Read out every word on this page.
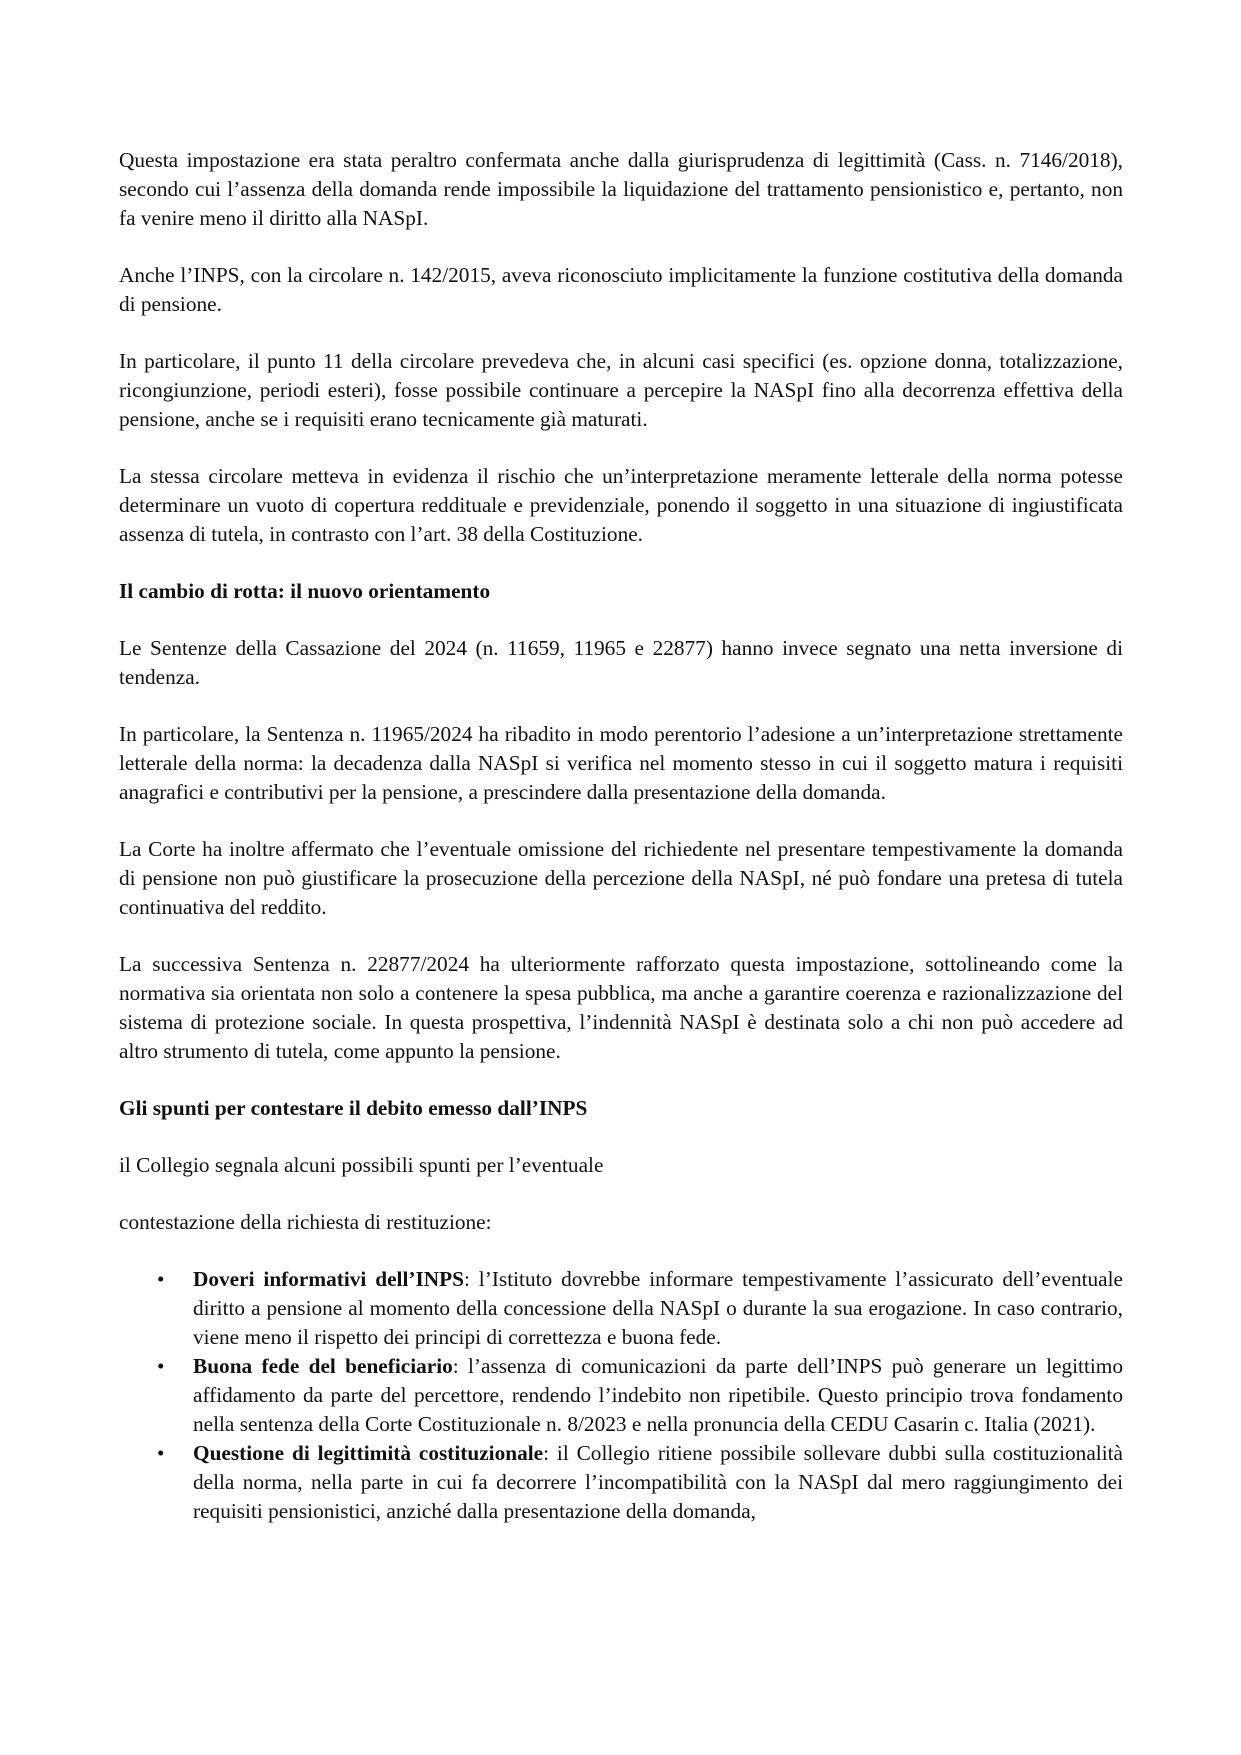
Questa impostazione era stata peraltro confermata anche dalla giurisprudenza di legittimità (Cass. n. 7146/2018), secondo cui l’assenza della domanda rende impossibile la liquidazione del trattamento pensionistico e, pertanto, non fa venire meno il diritto alla NASpI.

Anche l’INPS, con la circolare n. 142/2015, aveva riconosciuto implicitamente la funzione costitutiva della domanda di pensione.

In particolare, il punto 11 della circolare prevedeva che, in alcuni casi specifici (es. opzione donna, totalizzazione, ricongiunzione, periodi esteri), fosse possibile continuare a percepire la NASpI fino alla decorrenza effettiva della pensione, anche se i requisiti erano tecnicamente già maturati.

La stessa circolare metteva in evidenza il rischio che un’interpretazione meramente letterale della norma potesse determinare un vuoto di copertura reddituale e previdenziale, ponendo il soggetto in una situazione di ingiustificata assenza di tutela, in contrasto con l’art. 38 della Costituzione.

Il cambio di rotta: il nuovo orientamento

Le Sentenze della Cassazione del 2024 (n. 11659, 11965 e 22877) hanno invece segnato una netta inversione di tendenza.

In particolare, la Sentenza n. 11965/2024 ha ribadito in modo perentorio l’adesione a un’interpretazione strettamente letterale della norma: la decadenza dalla NASpI si verifica nel momento stesso in cui il soggetto matura i requisiti anagrafici e contributivi per la pensione, a prescindere dalla presentazione della domanda.

La Corte ha inoltre affermato che l’eventuale omissione del richiedente nel presentare tempestivamente la domanda di pensione non può giustificare la prosecuzione della percezione della NASpI, né può fondare una pretesa di tutela continuativa del reddito.

La successiva Sentenza n. 22877/2024 ha ulteriormente rafforzato questa impostazione, sottolineando come la normativa sia orientata non solo a contenere la spesa pubblica, ma anche a garantire coerenza e razionalizzazione del sistema di protezione sociale. In questa prospettiva, l’indennità NASpI è destinata solo a chi non può accedere ad altro strumento di tutela, come appunto la pensione.

Gli spunti per contestare il debito emesso dall’INPS

il Collegio segnala alcuni possibili spunti per l’eventuale

contestazione della richiesta di restituzione:

• Doveri informativi dell’INPS: l’Istituto dovrebbe informare tempestivamente l’assicurato dell’eventuale diritto a pensione al momento della concessione della NASpI o durante la sua erogazione. In caso contrario, viene meno il rispetto dei principi di correttezza e buona fede.
• Buona fede del beneficiario: l’assenza di comunicazioni da parte dell’INPS può generare un legittimo affidamento da parte del percettore, rendendo l’indebito non ripetibile. Questo principio trova fondamento nella sentenza della Corte Costituzionale n. 8/2023 e nella pronuncia della CEDU Casarin c. Italia (2021).
• Questione di legittimità costituzionale: il Collegio ritiene possibile sollevare dubbi sulla costituzionalità della norma, nella parte in cui fa decorrere l’incompatibilità con la NASpI dal mero raggiungimento dei requisiti pensionistici, anziché dalla presentazione della domanda,
